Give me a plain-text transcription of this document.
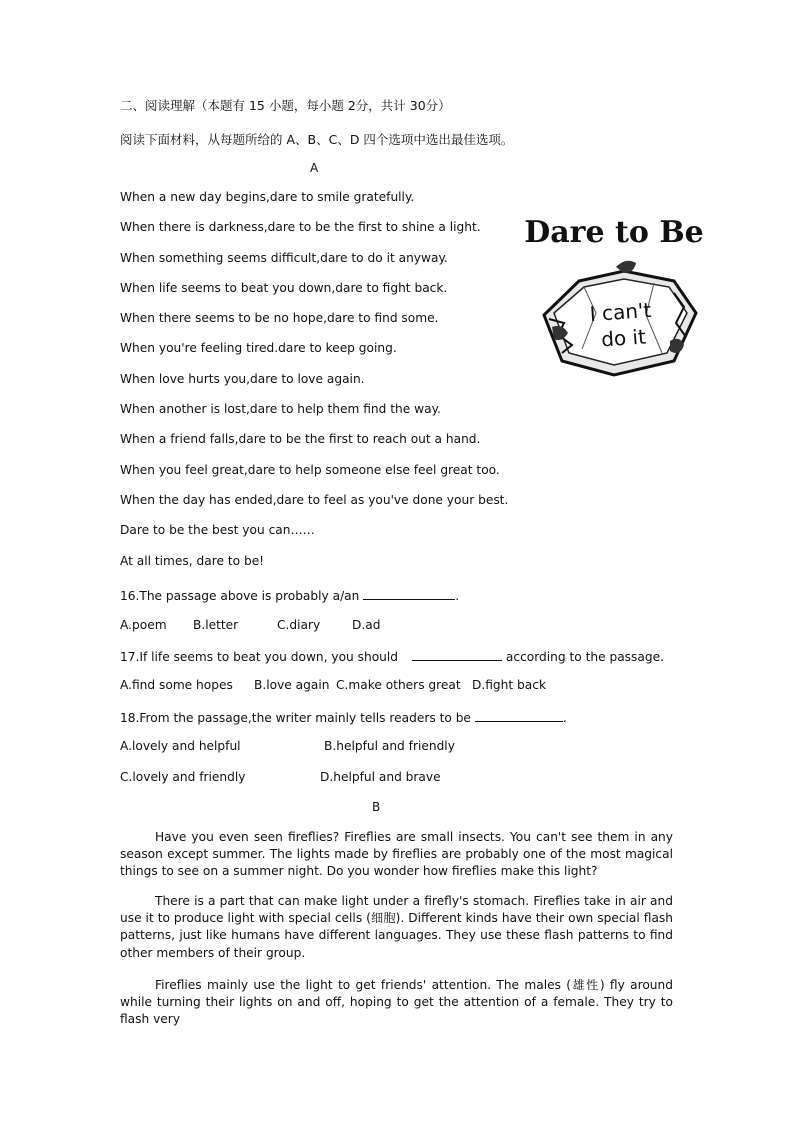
二、阅读理解（本题有 15 小题，每小题 2分，共计 30分）
阅读下面材料，从每题所给的 A、B、C、D 四个选项中选出最佳选项。
A
When a new day begins,dare to smile gratefully.
When there is darkness,dare to be the first to shine a light.
When something seems difficult,dare to do it anyway.
When life seems to beat you down,dare to fight back.
When there seems to be no hope,dare to find some.
When you're feeling tired.dare to keep going.
When love hurts you,dare to love again.
When another is lost,dare to help them find the way.
When a friend falls,dare to be the first to reach out a hand.
When you feel great,dare to help someone else feel great too.
When the day has ended,dare to feel as you've done your best.
Dare to be the best you can……
At all times, dare to be!
Dare to Be
I can't
do it
16.The passage above is probably a/an	.
A.poem B.letter	C.diary	D.ad
17.If life seems to beat you down, you should	according to the passage.
A.find some hopes B.love again C.make others great D.fight back
18.From the passage,the writer mainly tells readers to be	.
A.lovely and helpful	B.helpful and friendly
C.lovely and friendly	D.helpful and brave
B
Have you even seen fireflies? Fireflies are small insects. You can't see them in any season except summer. The lights made by fireflies are probably one of the most magical things to see on a summer night. Do you wonder how fireflies make this light?
There is a part that can make light under a firefly's stomach. Fireflies take in air and use it to produce light with special cells (细胞). Different kinds have their own special flash patterns, just like humans have different languages. They use these flash patterns to find other members of their group.
Fireflies mainly use the light to get friends' attention. The males (雄性) fly around while turning their lights on and off, hoping to get the attention of a female. They try to flash very
